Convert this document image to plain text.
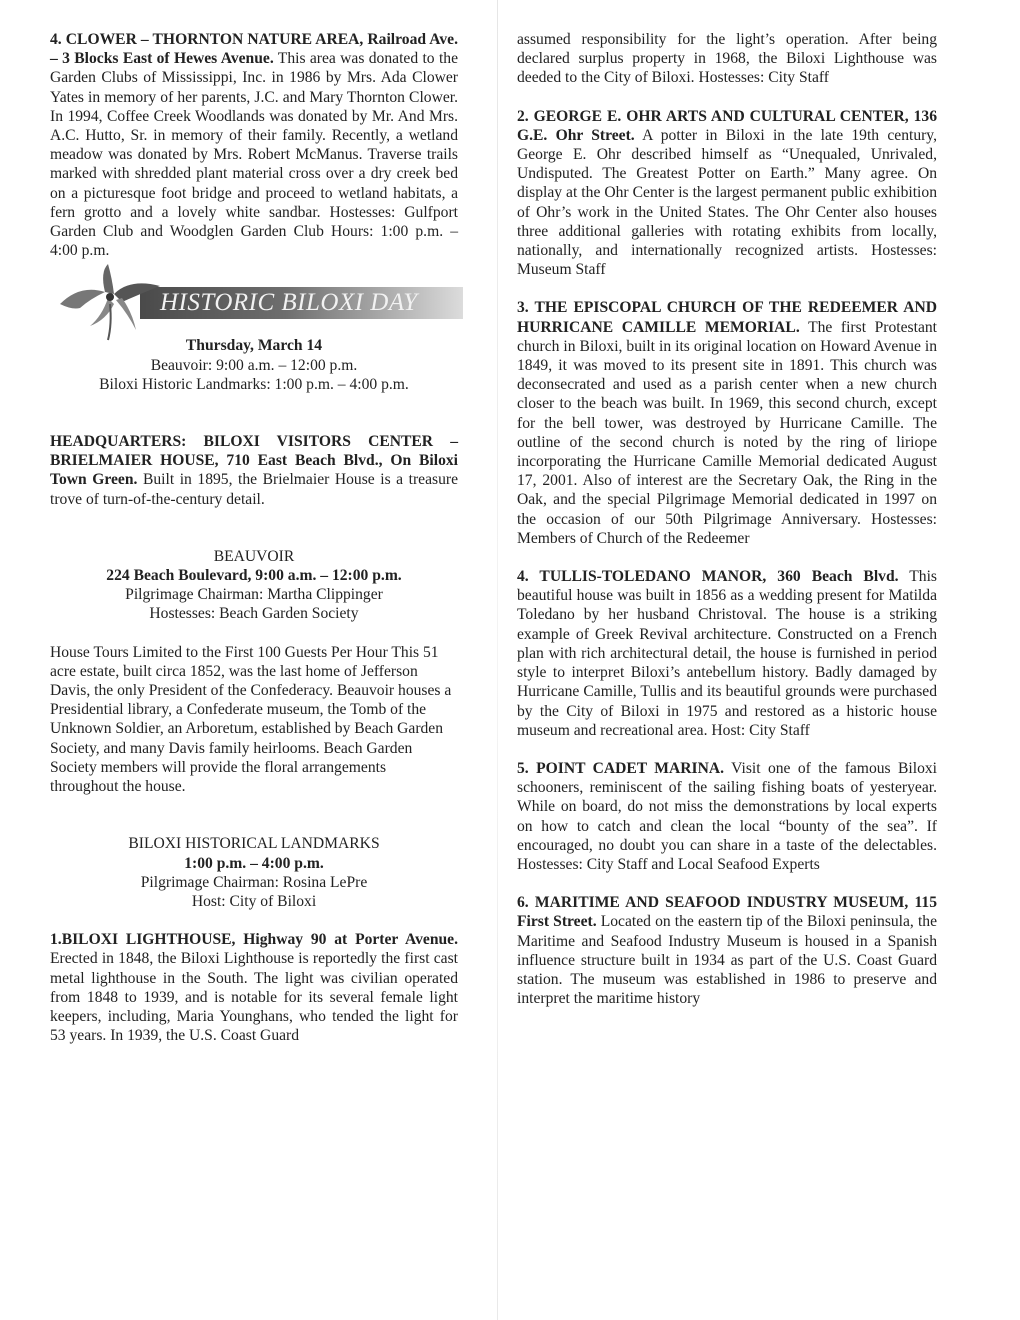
4. CLOWER – THORNTON NATURE AREA, Railroad Ave. – 3 Blocks East of Hewes Avenue. This area was donated to the Garden Clubs of Mississippi, Inc. in 1986 by Mrs. Ada Clower Yates in memory of her parents, J.C. and Mary Thornton Clower. In 1994, Coffee Creek Woodlands was donated by Mr. And Mrs. A.C. Hutto, Sr. in memory of their family. Recently, a wetland meadow was donated by Mrs. Robert McManus. Traverse trails marked with shredded plant material cross over a dry creek bed on a picturesque foot bridge and proceed to wetland habitats, a fern grotto and a lovely white sandbar. Hostesses: Gulfport Garden Club and Woodglen Garden Club Hours: 1:00 p.m. – 4:00 p.m.

HISTORIC BILOXI DAY

Thursday, March 14

Beauvoir: 9:00 a.m. – 12:00 p.m.

Biloxi Historic Landmarks: 1:00 p.m. – 4:00 p.m.

HEADQUARTERS: BILOXI VISITORS CENTER – BRIELMAIER HOUSE, 710 East Beach Blvd., On Biloxi Town Green. Built in 1895, the Brielmaier House is a treasure trove of turn-of-the-century detail.

BEAUVOIR

224 Beach Boulevard, 9:00 a.m. – 12:00 p.m.

Pilgrimage Chairman: Martha Clippinger

Hostesses: Beach Garden Society

House Tours Limited to the First 100 Guests Per Hour This 51 acre estate, built circa 1852, was the last home of Jefferson Davis, the only President of the Confederacy. Beauvoir houses a Presidential library, a Confederate museum, the Tomb of the Unknown Soldier, an Arboretum, established by Beach Garden Society, and many Davis family heirlooms. Beach Garden Society members will provide the floral arrangements throughout the house.

BILOXI HISTORICAL LANDMARKS

1:00 p.m. – 4:00 p.m.

Pilgrimage Chairman: Rosina LePre

Host: City of Biloxi

1.BILOXI LIGHTHOUSE, Highway 90 at Porter Avenue. Erected in 1848, the Biloxi Lighthouse is reportedly the first cast metal lighthouse in the South. The light was civilian operated from 1848 to 1939, and is notable for its several female light keepers, including, Maria Younghans, who tended the light for 53 years. In 1939, the U.S. Coast Guard

assumed responsibility for the light’s operation. After being declared surplus property in 1968, the Biloxi Lighthouse was deeded to the City of Biloxi. Hostesses: City Staff

2. GEORGE E. OHR ARTS AND CULTURAL CENTER, 136 G.E. Ohr Street. A potter in Biloxi in the late 19th century, George E. Ohr described himself as “Unequaled, Unrivaled, Undisputed. The Greatest Potter on Earth.” Many agree. On display at the Ohr Center is the largest permanent public exhibition of Ohr’s work in the United States. The Ohr Center also houses three additional galleries with rotating exhibits from locally, nationally, and internationally recognized artists. Hostesses: Museum Staff

3. THE EPISCOPAL CHURCH OF THE REDEEMER AND HURRICANE CAMILLE MEMORIAL. The first Protestant church in Biloxi, built in its original location on Howard Avenue in 1849, it was moved to its present site in 1891. This church was deconsecrated and used as a parish center when a new church closer to the beach was built. In 1969, this second church, except for the bell tower, was destroyed by Hurricane Camille. The outline of the second church is noted by the ring of liriope incorporating the Hurricane Camille Memorial dedicated August 17, 2001. Also of interest are the Secretary Oak, the Ring in the Oak, and the special Pilgrimage Memorial dedicated in 1997 on the occasion of our 50th Pilgrimage Anniversary. Hostesses: Members of Church of the Redeemer

4. TULLIS-TOLEDANO MANOR, 360 Beach Blvd. This beautiful house was built in 1856 as a wedding present for Matilda Toledano by her husband Christoval. The house is a striking example of Greek Revival architecture. Constructed on a French plan with rich architectural detail, the house is furnished in period style to interpret Biloxi’s antebellum history. Badly damaged by Hurricane Camille, Tullis and its beautiful grounds were purchased by the City of Biloxi in 1975 and restored as a historic house museum and recreational area. Host: City Staff

5. POINT CADET MARINA. Visit one of the famous Biloxi schooners, reminiscent of the sailing fishing boats of yesteryear. While on board, do not miss the demonstrations by local experts on how to catch and clean the local “bounty of the sea”. If encouraged, no doubt you can share in a taste of the delectables. Hostesses: City Staff and Local Seafood Experts

6. MARITIME AND SEAFOOD INDUSTRY MUSEUM, 115 First Street. Located on the eastern tip of the Biloxi peninsula, the Maritime and Seafood Industry Museum is housed in a Spanish influence structure built in 1934 as part of the U.S. Coast Guard station. The museum was established in 1986 to preserve and interpret the maritime history
